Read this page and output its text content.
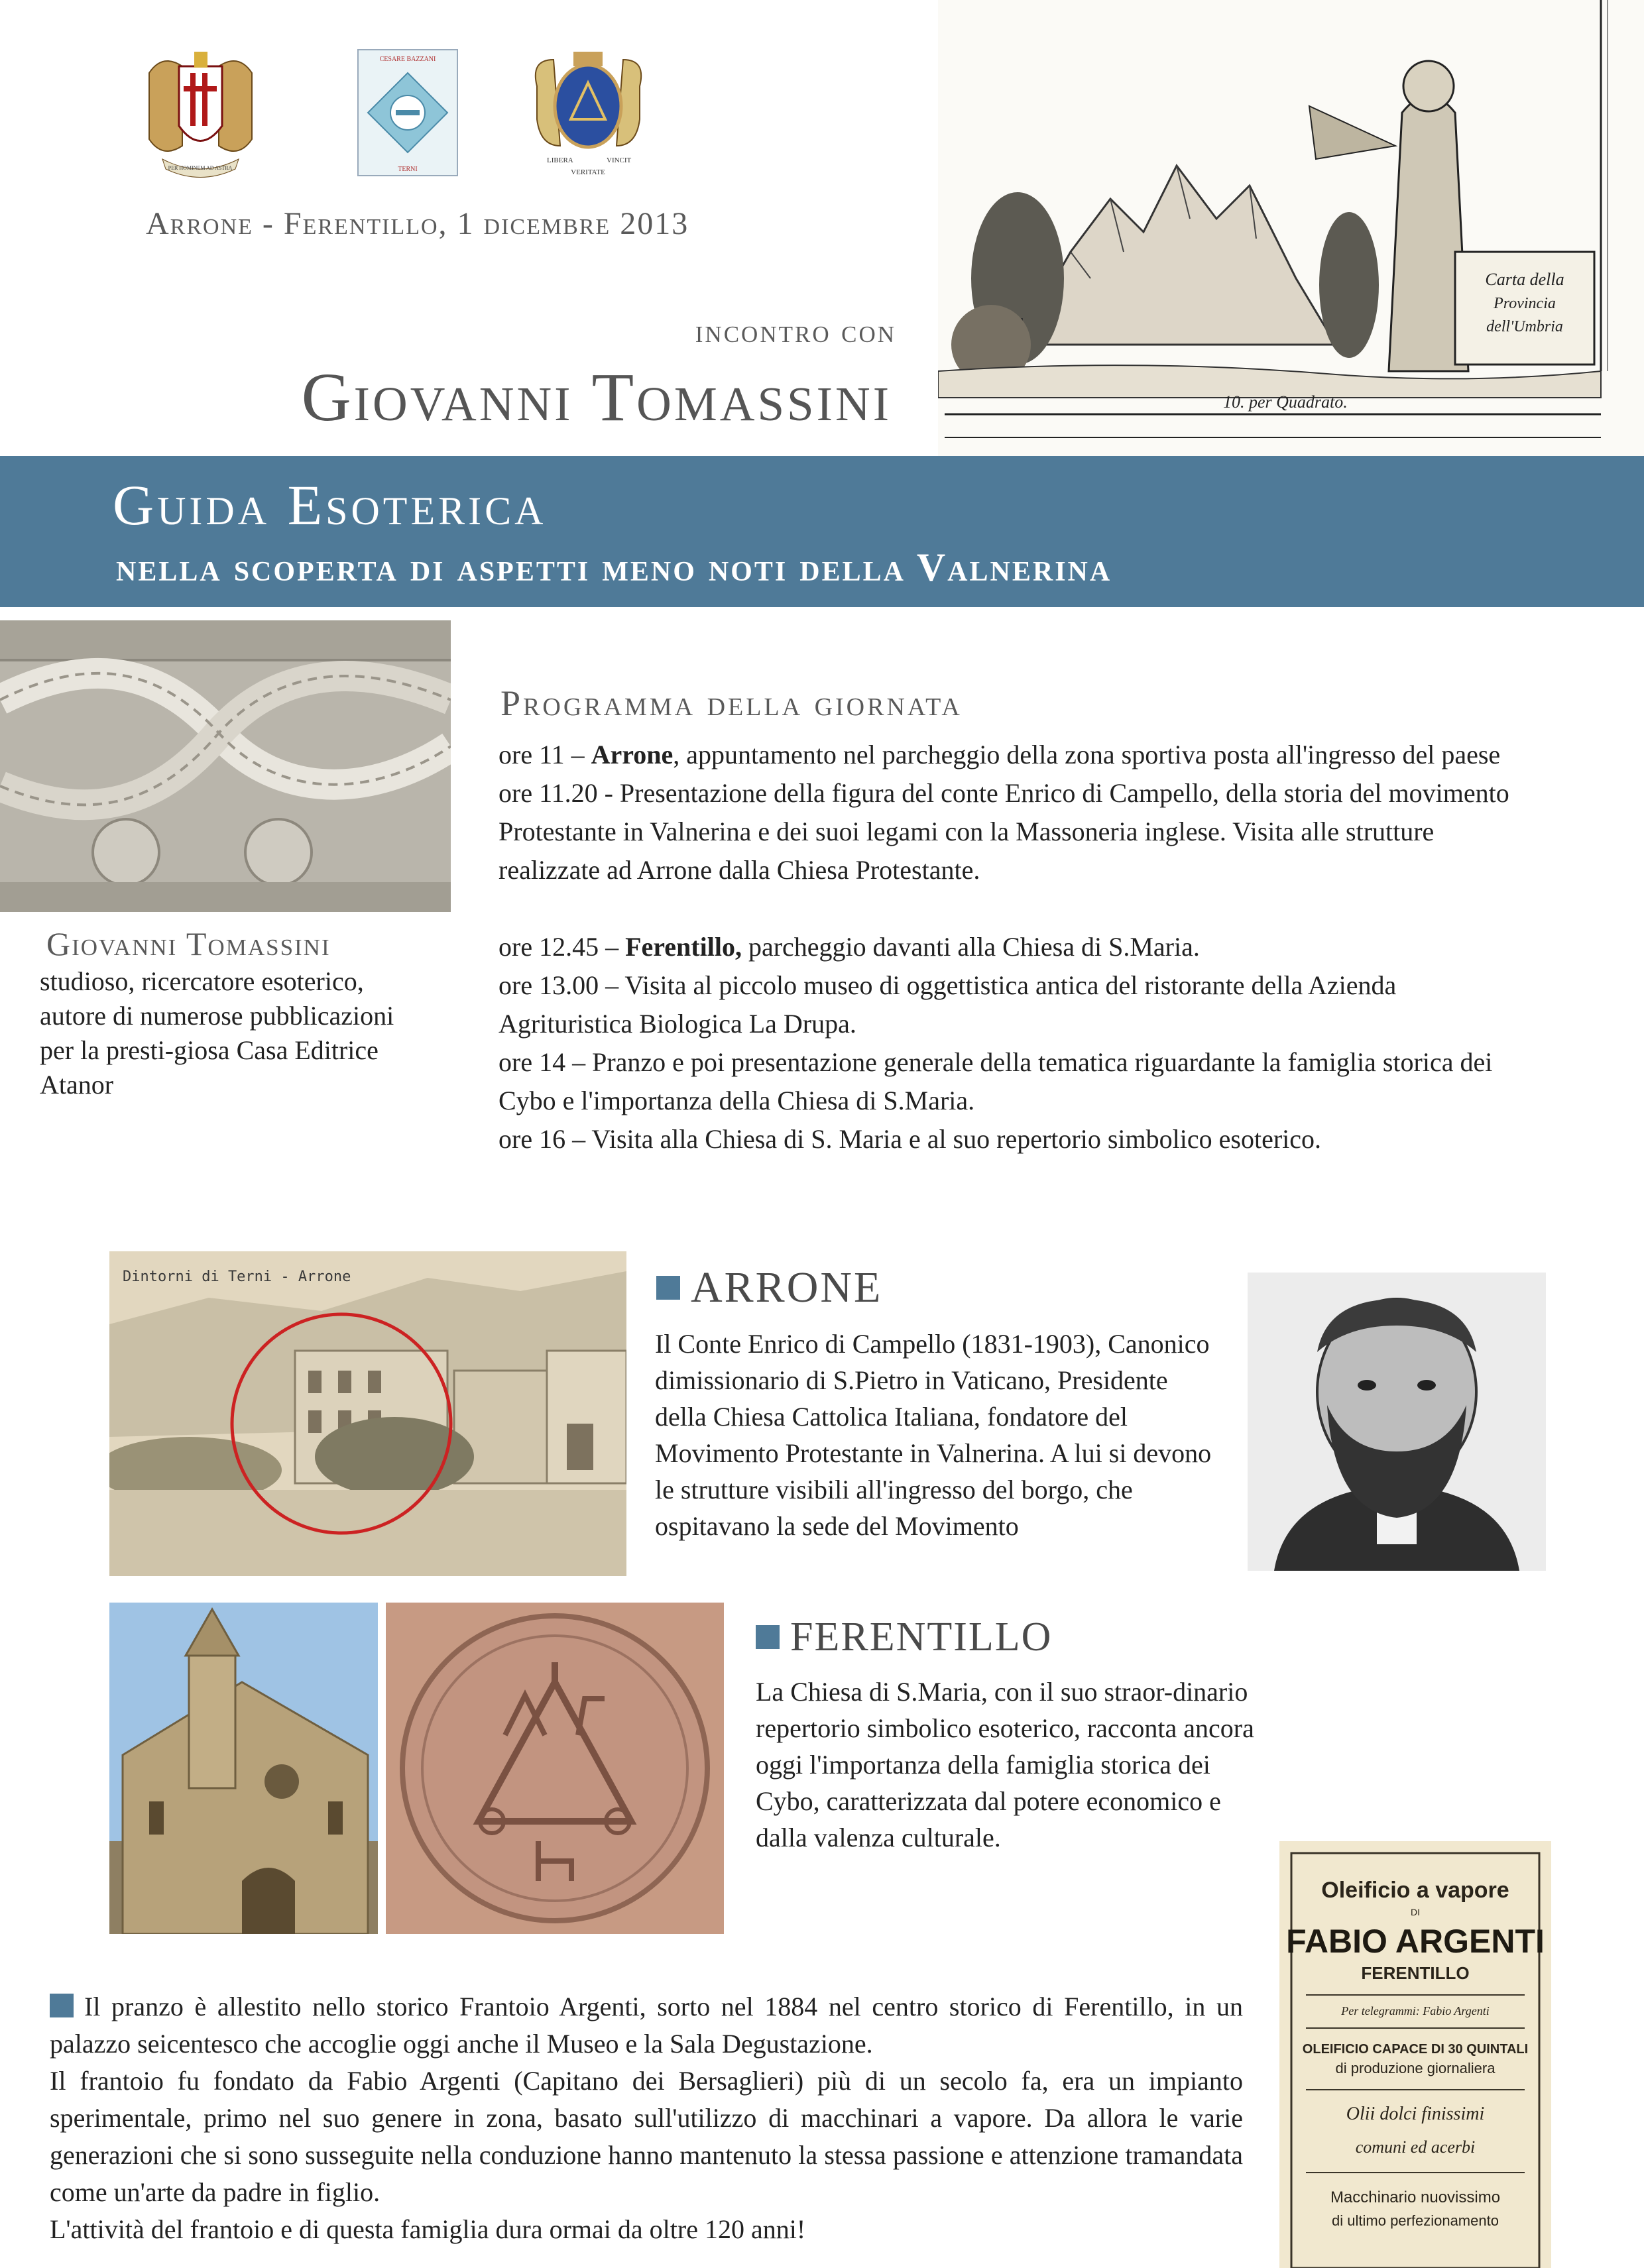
PER HOMINEM AD ASTRA
CESARE BAZZANI
TERNI
LIBERA	VINCIT
VERITATE
Arrone - Ferentillo, 1 dicembre 2013
incontro con
Giovanni Tomassini
Carta della
Provincia
dell'Umbria
10. per Quadrato.
Guida Esoterica
nella scoperta di aspetti meno noti della Valnerina
Giovanni Tomassini
studioso, ricercatore esoterico, autore di numerose pubblicazioni per la presti-giosa Casa Editrice Atanor
Programma della giornata

ore 11 – Arrone, appuntamento nel parcheggio della zona sportiva posta all'ingresso del paese

ore 11.20 - Presentazione della figura del conte Enrico di Campello, della storia del movimento Protestante in Valnerina e dei suoi legami con la Massoneria inglese. Visita alle strutture realizzate ad Arrone dalla Chiesa Protestante.

ore 12.45 – Ferentillo, parcheggio davanti alla Chiesa di S.Maria.

ore 13.00 – Visita al piccolo museo di oggettistica antica del ristorante della Azienda Agrituristica Biologica La Drupa.

ore 14 – Pranzo e poi presentazione generale della tematica riguardante la famiglia storica dei Cybo e l'importanza della Chiesa di S.Maria.

ore 16 – Visita alla Chiesa di S. Maria e al suo repertorio simbolico esoterico.

Dintorni di Terni - Arrone	ARRONE
Il Conte Enrico di Campello (1831-1903), Canonico dimissionario di S.Pietro in Vaticano, Presidente della Chiesa Cattolica Italiana, fondatore del Movimento Protestante in Valnerina. A lui si devono le strutture visibili all'ingresso del borgo, che ospitavano la sede del Movimento
FERENTILLO
La Chiesa di S.Maria, con il suo straor-dinario repertorio simbolico esoterico, racconta ancora oggi l'importanza della famiglia storica dei Cybo, caratterizzata dal potere economico e dalla valenza culturale.
Oleificio a vapore
DI
FABIO ARGENTI
FERENTILLO
Per telegrammi: Fabio Argenti
OLEIFICIO CAPACE DI 30 QUINTALI
di produzione giornaliera
Olii dolci finissimi
comuni ed acerbi
Macchinario nuovissimo
di ultimo perfezionamento

Il pranzo è allestito nello storico Frantoio Argenti, sorto nel 1884 nel centro storico di Ferentillo, in un palazzo seicentesco che accoglie oggi anche il Museo e la Sala Degustazione.

Il frantoio fu fondato da Fabio Argenti (Capitano dei Bersaglieri) più di un secolo fa, era un impianto sperimentale, primo nel suo genere in zona, basato sull'utilizzo di macchinari a vapore. Da allora le varie generazioni che si sono susseguite nella conduzione hanno mantenuto la stessa passione e attenzione tramandata come un'arte da padre in figlio.

L'attività del frantoio e di questa famiglia dura ormai da oltre 120 anni!
